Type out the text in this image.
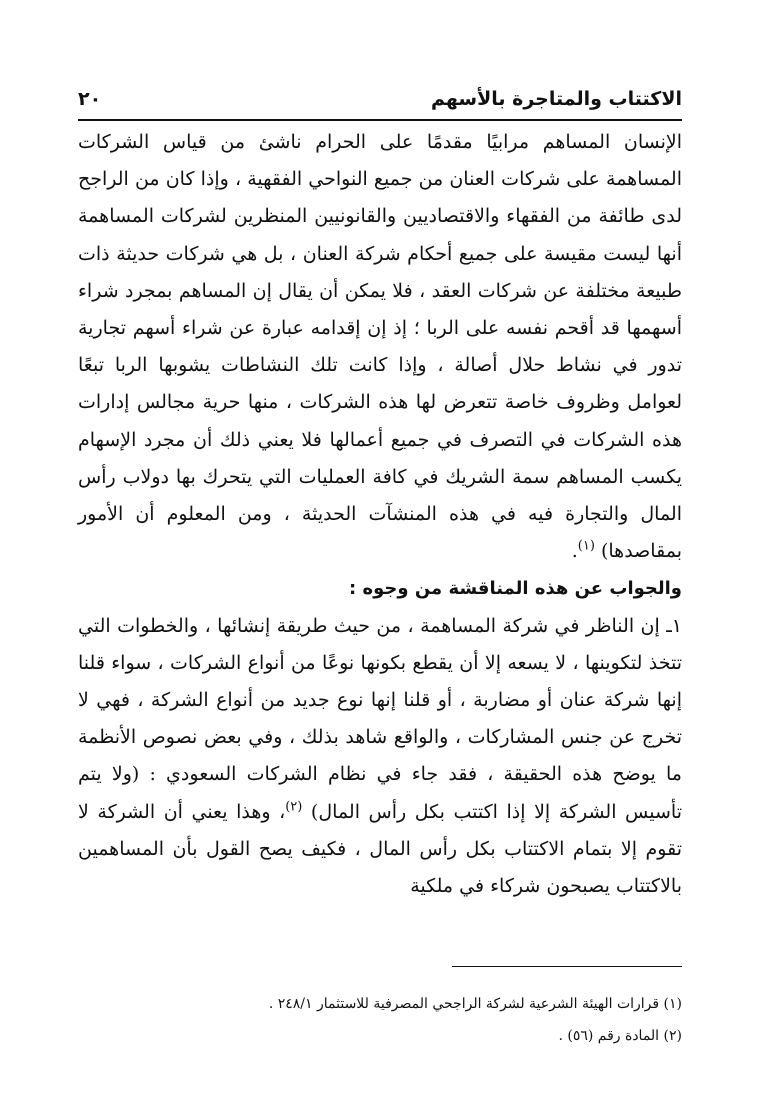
الاكتتاب والمتاجرة بالأسهم
٢٠

الإنسان المساهم مرابيًا مقدمًا على الحرام ناشئ من قياس الشركات المساهمة على شركات العنان من جميع النواحي الفقهية ، وإذا كان من الراجح لدى طائفة من الفقهاء والاقتصاديين والقانونيين المنظرين لشركات المساهمة أنها ليست مقيسة على جميع أحكام شركة العنان ، بل هي شركات حديثة ذات طبيعة مختلفة عن شركات العقد ، فلا يمكن أن يقال إن المساهم بمجرد شراء أسهمها قد أقحم نفسه على الربا ؛ إذ إن إقدامه عبارة عن شراء أسهم تجارية تدور في نشاط حلال أصالة ، وإذا كانت تلك النشاطات يشوبها الربا تبعًا لعوامل وظروف خاصة تتعرض لها هذه الشركات ، منها حرية مجالس إدارات هذه الشركات في التصرف في جميع أعمالها فلا يعني ذلك أن مجرد الإسهام يكسب المساهم سمة الشريك في كافة العمليات التي يتحرك بها دولاب رأس المال والتجارة فيه في هذه المنشآت الحديثة ، ومن المعلوم أن الأمور بمقاصدها) $^{(١)}$.

والجواب عن هذه المناقشة من وجوه :

١ـ إن الناظر في شركة المساهمة ، من حيث طريقة إنشائها ، والخطوات التي تتخذ لتكوينها ، لا يسعه إلا أن يقطع بكونها نوعًا من أنواع الشركات ، سواء قلنا إنها شركة عنان أو مضاربة ، أو قلنا إنها نوع جديد من أنواع الشركة ، فهي لا تخرج عن جنس المشاركات ، والواقع شاهد بذلك ، وفي بعض نصوص الأنظمة ما يوضح هذه الحقيقة ، فقد جاء في نظام الشركات السعودي : (ولا يتم تأسيس الشركة إلا إذا اكتتب بكل رأس المال) $^{(٢)}$، وهذا يعني أن الشركة لا تقوم إلا بتمام الاكتتاب بكل رأس المال ، فكيف يصح القول بأن المساهمين بالاكتتاب يصبحون شركاء في ملكية

(١) قرارات الهيئة الشرعية لشركة الراجحي المصرفية للاستثمار ٢٤٨/١ .

(٢) المادة رقم (٥٦) .
